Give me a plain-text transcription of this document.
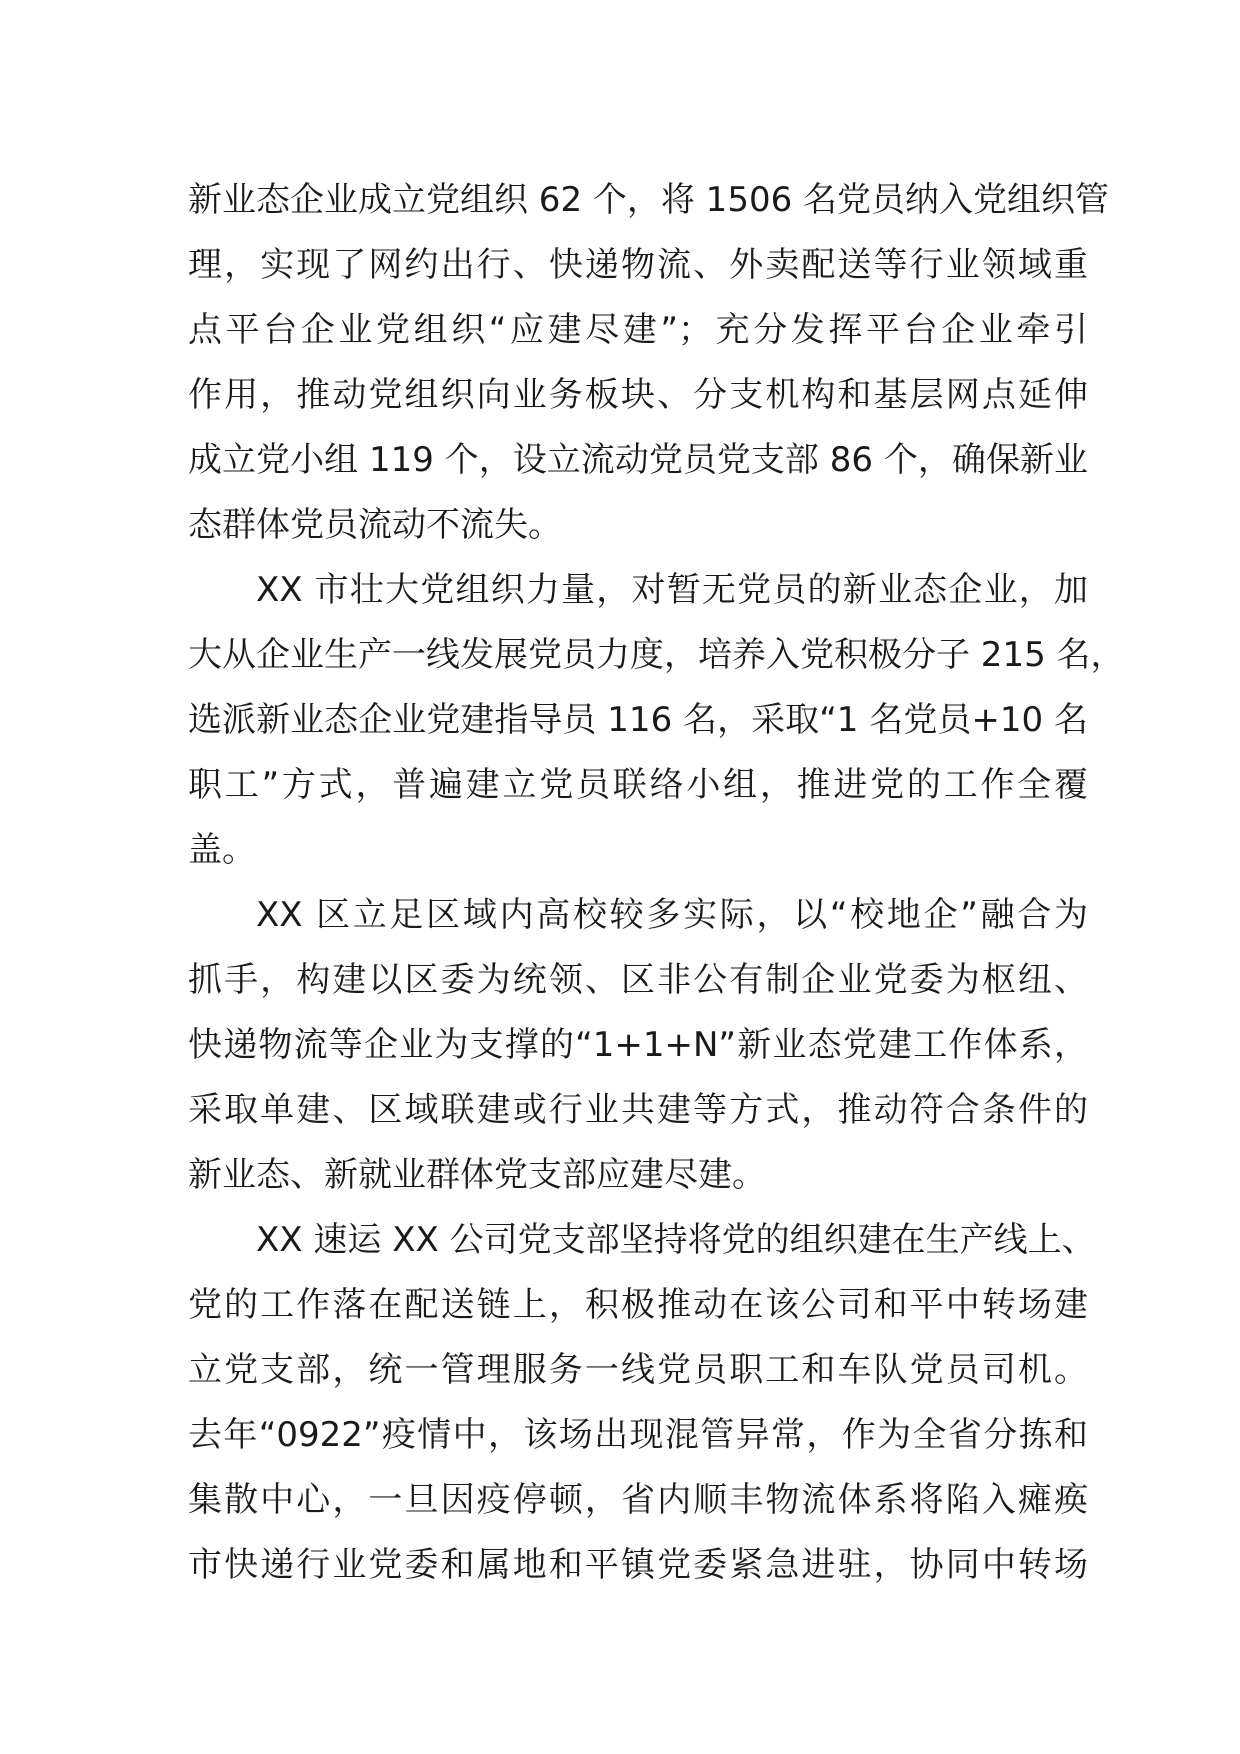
新业态企业成立党组织 62 个，将 1506 名党员纳入党组织管
理，实现了网约出行、快递物流、外卖配送等行业领域重
点平台企业党组织“应建尽建”；充分发挥平台企业牵引
作用，推动党组织向业务板块、分支机构和基层网点延伸
成立党小组 119 个，设立流动党员党支部 86 个，确保新业
态群体党员流动不流失。
XX 市壮大党组织力量，对暂无党员的新业态企业，加
大从企业生产一线发展党员力度，培养入党积极分子 215 名，
选派新业态企业党建指导员 116 名，采取“1 名党员+10 名
职工”方式，普遍建立党员联络小组，推进党的工作全覆
盖。
XX 区立足区域内高校较多实际，以“校地企”融合为
抓手，构建以区委为统领、区非公有制企业党委为枢纽、
快递物流等企业为支撑的“1+1+N”新业态党建工作体系，
采取单建、区域联建或行业共建等方式，推动符合条件的
新业态、新就业群体党支部应建尽建。
XX 速运 XX 公司党支部坚持将党的组织建在生产线上、
党的工作落在配送链上，积极推动在该公司和平中转场建
立党支部，统一管理服务一线党员职工和车队党员司机。
去年“0922”疫情中，该场出现混管异常，作为全省分拣和
集散中心，一旦因疫停顿，省内顺丰物流体系将陷入瘫痪
市快递行业党委和属地和平镇党委紧急进驻，协同中转场
